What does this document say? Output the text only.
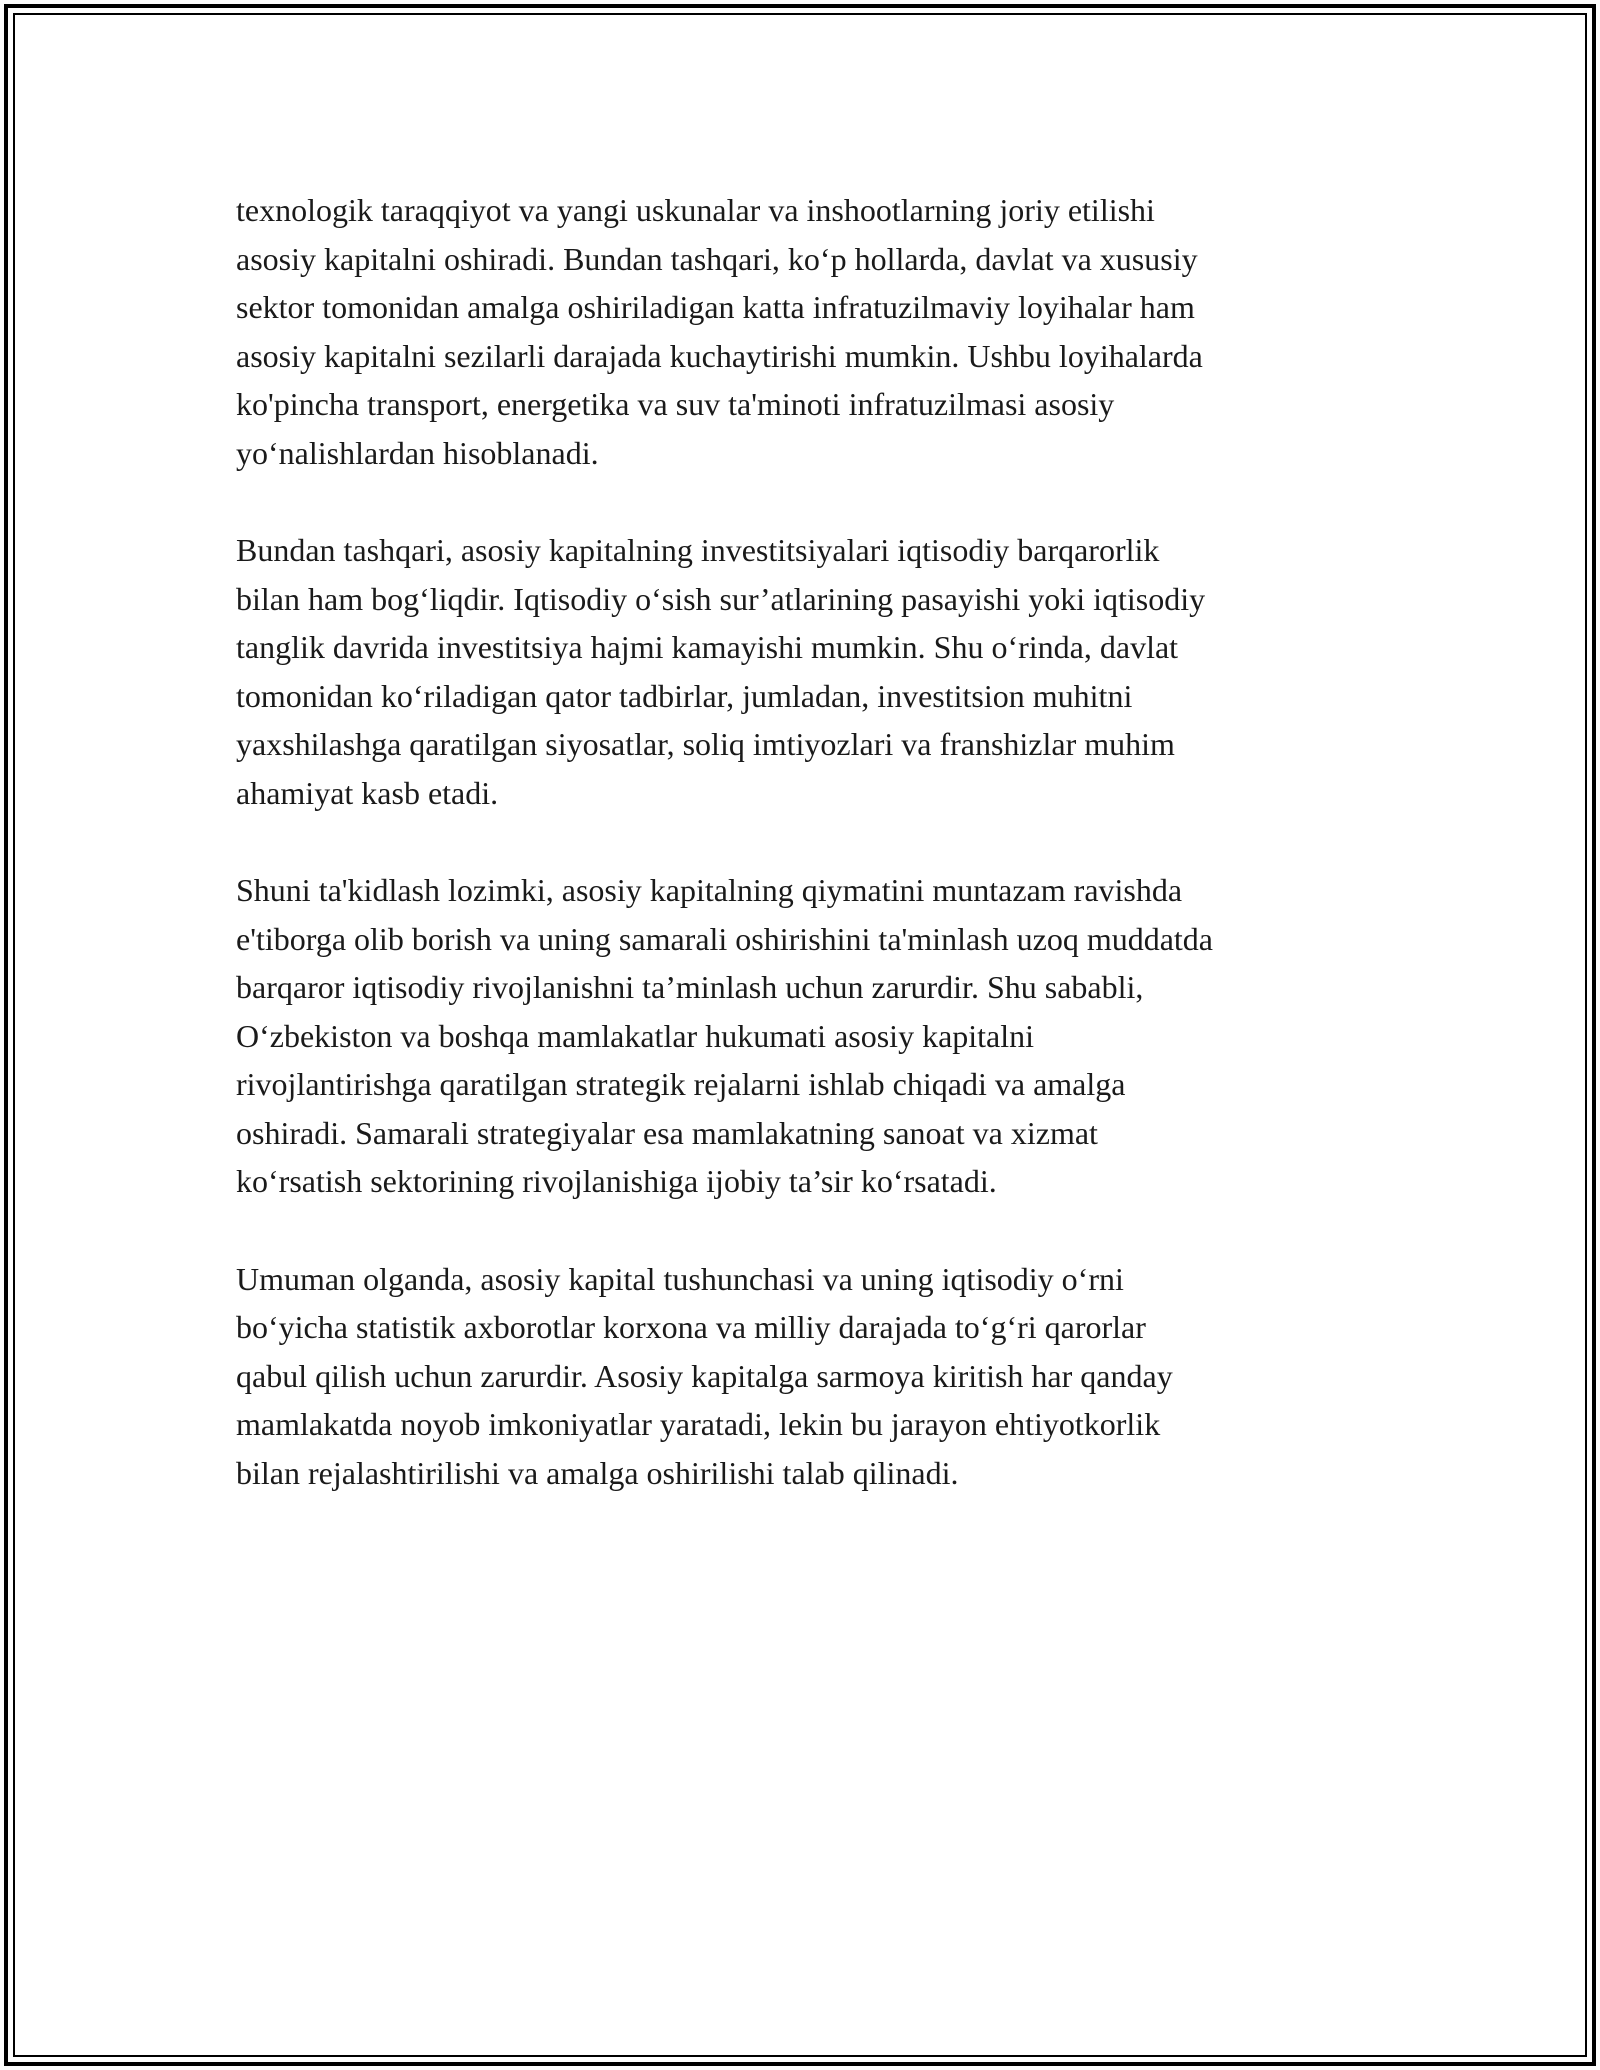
texnologik taraqqiyot va yangi uskunalar va inshootlarning joriy etilishi
asosiy kapitalni oshiradi. Bundan tashqari, ko‘p hollarda, davlat va xususiy
sektor tomonidan amalga oshiriladigan katta infratuzilmaviy loyihalar ham
asosiy kapitalni sezilarli darajada kuchaytirishi mumkin. Ushbu loyihalarda
ko'pincha transport, energetika va suv ta'minoti infratuzilmasi asosiy
yo‘nalishlardan hisoblanadi.

Bundan tashqari, asosiy kapitalning investitsiyalari iqtisodiy barqarorlik
bilan ham bog‘liqdir. Iqtisodiy o‘sish sur’atlarining pasayishi yoki iqtisodiy
tanglik davrida investitsiya hajmi kamayishi mumkin. Shu o‘rinda, davlat
tomonidan ko‘riladigan qator tadbirlar, jumladan, investitsion muhitni
yaxshilashga qaratilgan siyosatlar, soliq imtiyozlari va franshizlar muhim
ahamiyat kasb etadi.

Shuni ta'kidlash lozimki, asosiy kapitalning qiymatini muntazam ravishda
e'tiborga olib borish va uning samarali oshirishini ta'minlash uzoq muddatda
barqaror iqtisodiy rivojlanishni ta’minlash uchun zarurdir. Shu sababli,
O‘zbekiston va boshqa mamlakatlar hukumati asosiy kapitalni
rivojlantirishga qaratilgan strategik rejalarni ishlab chiqadi va amalga
oshiradi. Samarali strategiyalar esa mamlakatning sanoat va xizmat
ko‘rsatish sektorining rivojlanishiga ijobiy ta’sir ko‘rsatadi.

Umuman olganda, asosiy kapital tushunchasi va uning iqtisodiy o‘rni
bo‘yicha statistik axborotlar korxona va milliy darajada to‘g‘ri qarorlar
qabul qilish uchun zarurdir. Asosiy kapitalga sarmoya kiritish har qanday
mamlakatda noyob imkoniyatlar yaratadi, lekin bu jarayon ehtiyotkorlik
bilan rejalashtirilishi va amalga oshirilishi talab qilinadi.
